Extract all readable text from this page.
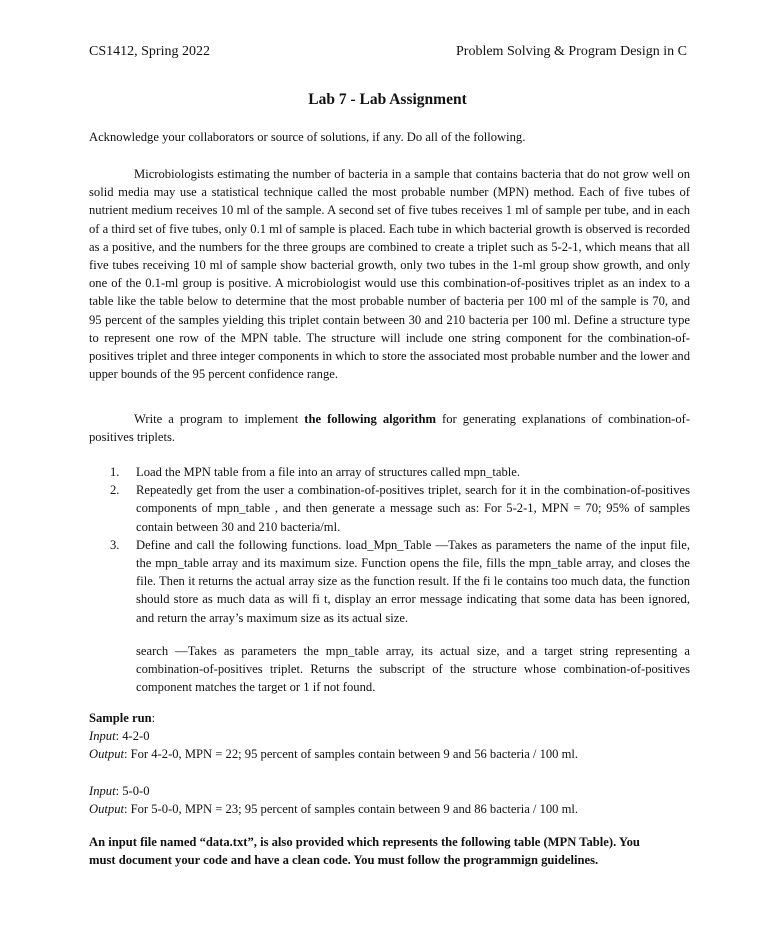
CS1412, Spring 2022	Problem Solving & Program Design in C
Lab 7 - Lab Assignment
Acknowledge your collaborators or source of solutions, if any. Do all of the following.
Microbiologists estimating the number of bacteria in a sample that contains bacteria that do not grow well on solid media may use a statistical technique called the most probable number (MPN) method. Each of five tubes of nutrient medium receives 10 ml of the sample. A second set of five tubes receives 1 ml of sample per tube, and in each of a third set of five tubes, only 0.1 ml of sample is placed. Each tube in which bacterial growth is observed is recorded as a positive, and the numbers for the three groups are combined to create a triplet such as 5-2-1, which means that all five tubes receiving 10 ml of sample show bacterial growth, only two tubes in the 1-ml group show growth, and only one of the 0.1-ml group is positive. A microbiologist would use this combination-of-positives triplet as an index to a table like the table below to determine that the most probable number of bacteria per 100 ml of the sample is 70, and 95 percent of the samples yielding this triplet contain between 30 and 210 bacteria per 100 ml. Define a structure type to represent one row of the MPN table. The structure will include one string component for the combination-of-positives triplet and three integer components in which to store the associated most probable number and the lower and upper bounds of the 95 percent confidence range.
Write a program to implement the following algorithm for generating explanations of combination-of-positives triplets.
1. Load the MPN table from a file into an array of structures called mpn_table.
2. Repeatedly get from the user a combination-of-positives triplet, search for it in the combination-of-positives components of mpn_table , and then generate a message such as: For 5-2-1, MPN = 70; 95% of samples contain between 30 and 210 bacteria/ml.
3. Define and call the following functions. load_Mpn_Table —Takes as parameters the name of the input file, the mpn_table array and its maximum size. Function opens the file, fills the mpn_table array, and closes the file. Then it returns the actual array size as the function result. If the fi le contains too much data, the function should store as much data as will fi t, display an error message indicating that some data has been ignored, and return the array’s maximum size as its actual size.
search —Takes as parameters the mpn_table array, its actual size, and a target string representing a combination-of-positives triplet. Returns the subscript of the structure whose combination-of-positives component matches the target or 1 if not found.

Sample run:

Input: 4-2-0

Output: For 4-2-0, MPN = 22; 95 percent of samples contain between 9 and 56 bacteria / 100 ml.

Input: 5-0-0

Output: For 5-0-0, MPN = 23; 95 percent of samples contain between 9 and 86 bacteria / 100 ml.

An input file named “data.txt”, is also provided which represents the following table (MPN Table). You must document your code and have a clean code. You must follow the programmign guidelines.
